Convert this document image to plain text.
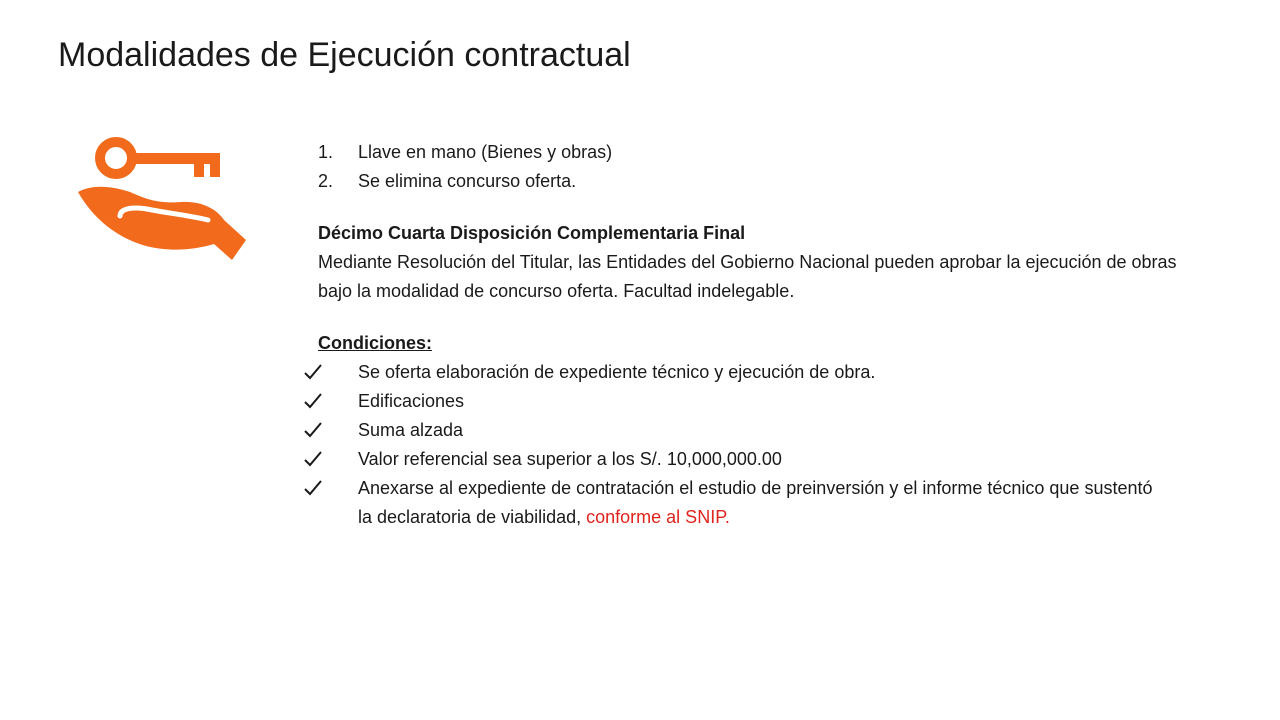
Modalidades de Ejecución contractual
1. Llave en mano (Bienes y obras)
2. Se elimina concurso oferta.
Décimo Cuarta Disposición Complementaria Final
Mediante Resolución del Titular, las Entidades del Gobierno Nacional pueden aprobar la ejecución de obras bajo la modalidad de concurso oferta. Facultad indelegable.
Condiciones:
Se oferta elaboración de expediente técnico y ejecución de obra.
Edificaciones
Suma alzada
Valor referencial sea superior a los S/. 10,000,000.00
Anexarse al expediente de contratación el estudio de preinversión y el informe técnico que sustentó la declaratoria de viabilidad, conforme al SNIP.
